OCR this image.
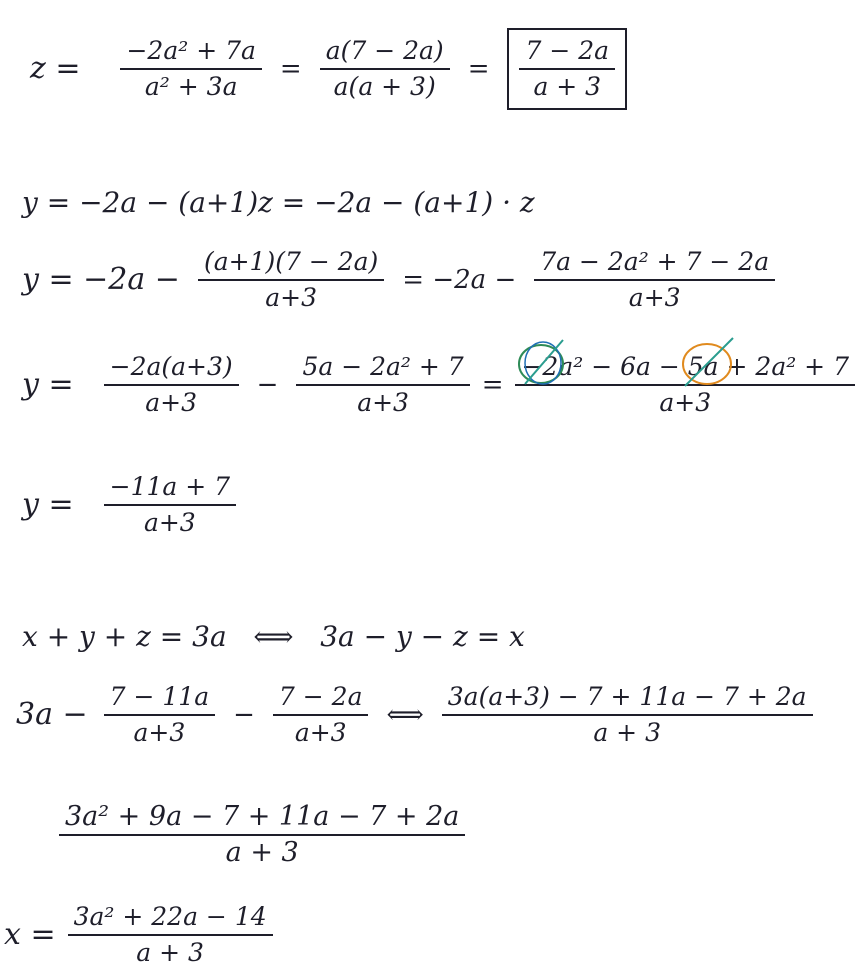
$z = \frac{\text{−2a² + 7a}}{\text{a² + 3a}} = \frac{a(7 - 2a)}{a(a + 3)} = \frac{7 - 2a}{a + 3}$
y = −2a − (a+1)z = −2a − (a+1) · z
$y = -2a - \frac{(a+1)(7 - 2a)}{a+3} = -2a - \frac{\text{7a − 2a² + 7 − 2a}}{a+3}$
$y = \frac{-2a(a+3)}{a+3} - \frac{\text{5a − 2a² + 7}}{a+3} = \frac{\text{−2a² − 6a − 5a + 2a² + 7}}{a+3}$
$y = \frac{-11a + 7}{a+3}$
x + y + z = 3a   ⟺   3a − y − z = x
$3a - \frac{7 - 11a}{a+3} - \frac{7 - 2a}{a+3}$ ⟺ $\frac{3a(a+3) - 7 + 11a - 7 + 2a}{a + 3}$
$\frac{\text{3a² + 9a − 7 + 11a − 7 + 2a}}{a + 3}$
$x = \frac{\text{3a² + 22a − 14}}{a + 3}$
